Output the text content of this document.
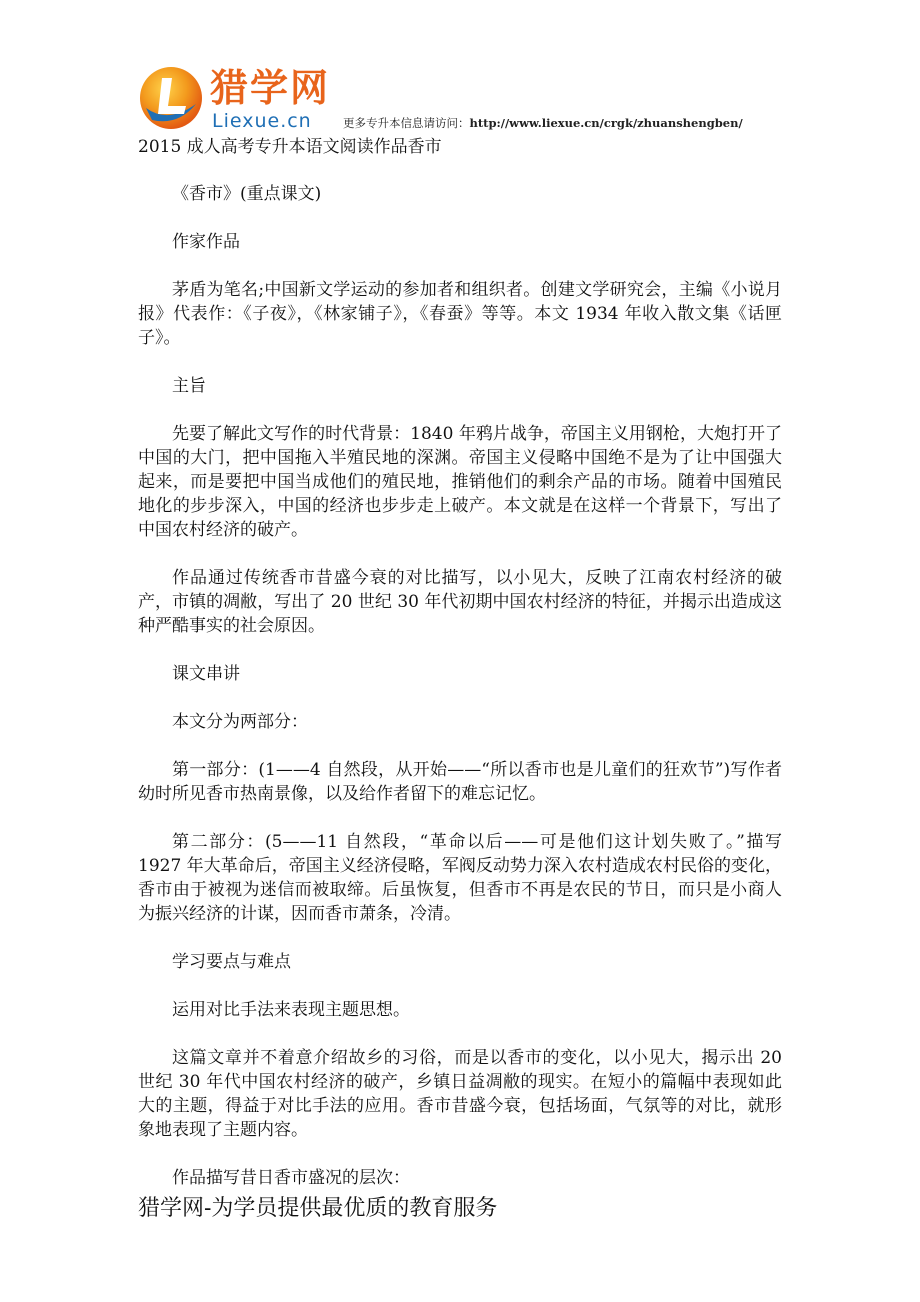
猎学网
Liexue.cn	更多专升本信息请访问：http://www.liexue.cn/crgk/zhuanshengben/
2015 成人高考专升本语文阅读作品香市

《香市》(重点课文)

作家作品

茅盾为笔名;中国新文学运动的参加者和组织者。创建文学研究会，主编《小说月报》代表作：《子夜》，《林家铺子》，《春蚕》等等。本文 1934 年收入散文集《话匣子》。

主旨

先要了解此文写作的时代背景：1840 年鸦片战争，帝国主义用钢枪，大炮打开了中国的大门，把中国拖入半殖民地的深渊。帝国主义侵略中国绝不是为了让中国强大起来，而是要把中国当成他们的殖民地，推销他们的剩余产品的市场。随着中国殖民地化的步步深入，中国的经济也步步走上破产。本文就是在这样一个背景下，写出了中国农村经济的破产。

作品通过传统香市昔盛今衰的对比描写，以小见大，反映了江南农村经济的破产，市镇的凋敝，写出了 20 世纪 30 年代初期中国农村经济的特征，并揭示出造成这种严酷事实的社会原因。

课文串讲

本文分为两部分：

第一部分：(1——4 自然段，从开始——“所以香市也是儿童们的狂欢节”)写作者幼时所见香市热南景像，以及给作者留下的难忘记忆。

第二部分：(5——11 自然段，“革命以后——可是他们这计划失败了。”描写 1927 年大革命后，帝国主义经济侵略，军阀反动势力深入农村造成农村民俗的变化，香市由于被视为迷信而被取缔。后虽恢复，但香市不再是农民的节日，而只是小商人为振兴经济的计谋，因而香市萧条，冷清。

学习要点与难点

运用对比手法来表现主题思想。

这篇文章并不着意介绍故乡的习俗，而是以香市的变化，以小见大，揭示出 20 世纪 30 年代中国农村经济的破产，乡镇日益凋敝的现实。在短小的篇幅中表现如此大的主题，得益于对比手法的应用。香市昔盛今衰，包括场面，气氛等的对比，就形象地表现了主题内容。

作品描写昔日香市盛况的层次：

猎学网-为学员提供最优质的教育服务
